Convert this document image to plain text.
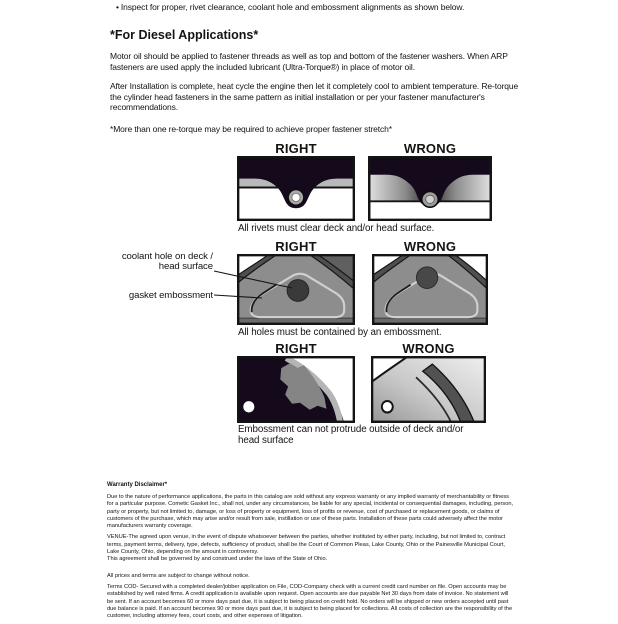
• Inspect for proper, rivet clearance, coolant hole and embossment alignments as shown below.
*For Diesel Applications*

Motor oil should be applied to fastener threads as well as top and bottom of the fastener washers. When ARP fasteners are used apply the included lubricant (Ultra-Torque®) in place of motor oil.

After Installation is complete, heat cycle the engine then let it completely cool to ambient temperature. Re-torque the cylinder head fasteners in the same pattern as initial installation or per your fastener manufacturer's recommendations.

*More than one re-torque may be required to achieve proper fastener stretch*

RIGHT	WRONG
All rivets must clear deck and/or head surface.
RIGHT	WRONG
All holes must be contained by an embossment.
coolant hole on deck / head surface
gasket embossment
RIGHT	WRONG
Embossment can not protrude outside of deck and/or head surface
Warranty Disclaimer*

Due to the nature of performance applications, the parts in this catalog are sold without any express warranty or any implied warranty of merchantability or fitness for a particular purpose. Cometic Gasket Inc., shall not, under any circumstances, be liable for any special, incidental or consequential damages, including, person, party or property, but not limited to, damage, or loss of property or equipment, loss of profits or revenue, cost of purchased or replacement goods, or claims of customers of the purchase, which may arise and/or result from sale, instillation or use of these parts. Installation of these parts could adversely affect the motor manufacturers warranty coverage.

VENUE-The agreed upon venue, in the event of dispute whatsoever between the parties, whether instituted by either party, including, but not limited to, contract terms, payment terms, delivery, type, defects, sufficiency of product, shall be the Court of Common Pleas, Lake County, Ohio or the Painesville Municipal Court, Lake County, Ohio, depending on the amount in controversy.

This agreement shall be governed by and construed under the laws of the State of Ohio.

All prices and terms are subject to change without notice.

Terms COD- Secured with a completed dealer/jobber application on File, COD-Company check with a current credit card number on file. Open accounts may be established by well rated firms. A credit application is available upon request. Open accounts are due payable Net 30 days from date of invoice. No statement will be sent. If an account becomes 60 or more days past due, it is subject to being placed on credit hold. No orders will be shipped or new orders accepted until past due balance is paid. If an account becomes 90 or more days past due, it is subject to being placed for collections. All costs of collection are the responsibility of the customer, including attorney fees, court costs, and other expenses of litigation.
